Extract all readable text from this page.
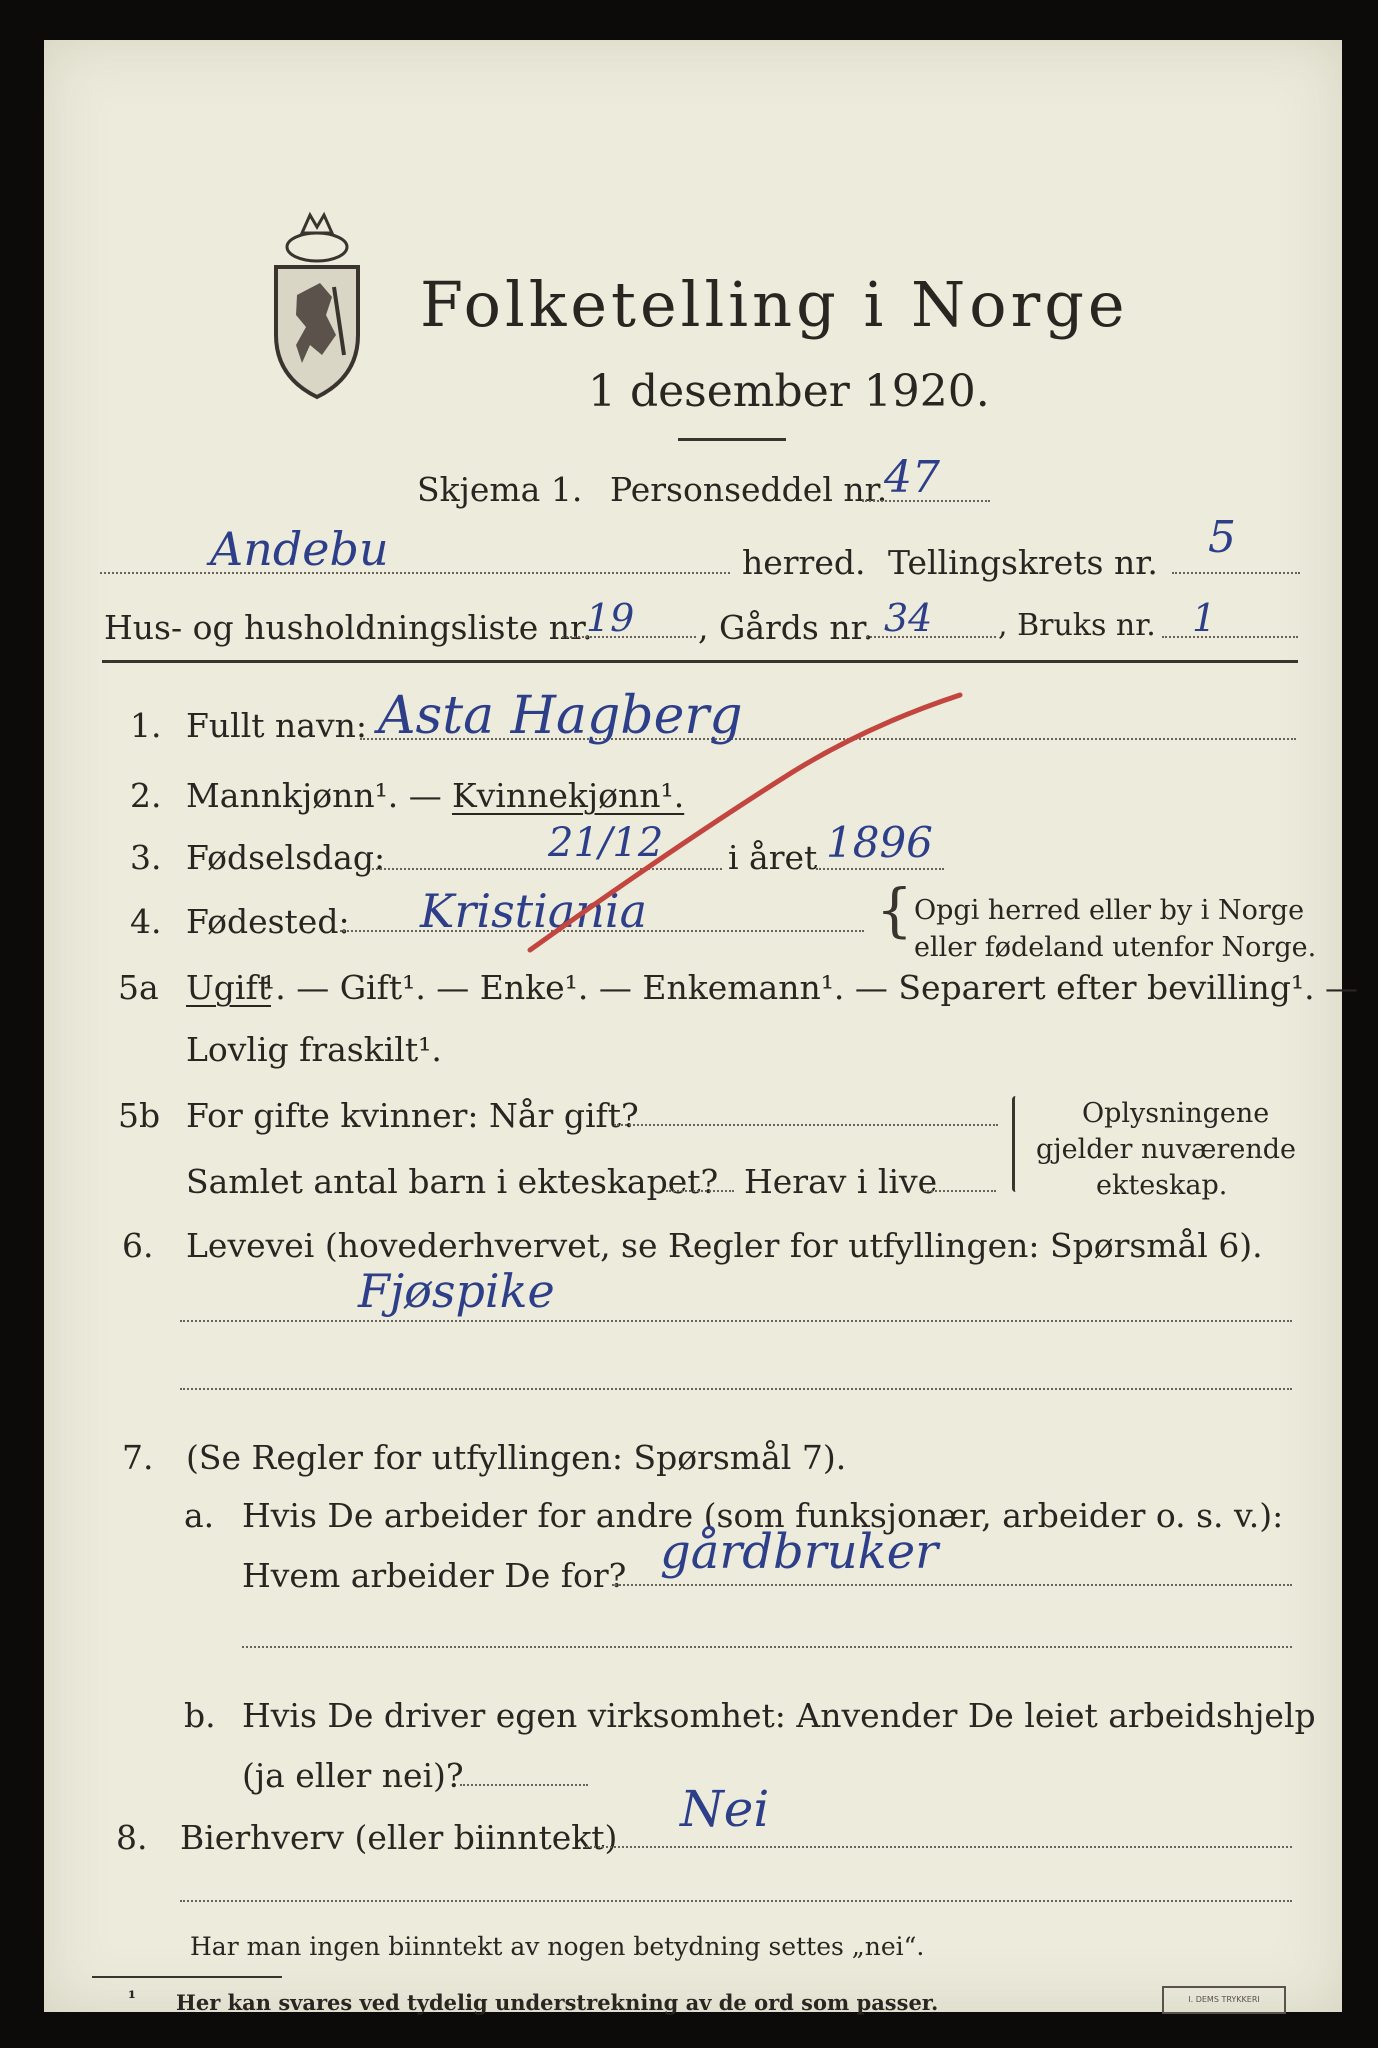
Folketelling i Norge
1 desember 1920.
Skjema 1. Personseddel nr.
47
Andebu	herred. Tellingskrets nr. 5
Hus- og husholdningsliste nr.
19 , Gårds nr. 34 , Bruks nr. 1
1. Fullt navn: Asta Hagberg
2. Mannkjønn¹. — Kvinnekjønn¹.
3. Fødselsdag:	21/12 i året 1896
4. Fødested: Kristiania	{ Opgi herred eller by i Norge
eller fødeland utenfor Norge.
5a Ugift
¹. — Gift¹. — Enke¹. — Enkemann¹. — Separert efter bevilling¹. —
Lovlig fraskilt¹.
5b For gifte kvinner: Når gift?
Samlet antal barn i ekteskapet? Herav i live
Oplysningene
gjelder nuværende
ekteskap.
6. Levevei (hovederhvervet, se Regler for utfyllingen: Spørsmål 6).
Fjøspike
7. (Se Regler for utfyllingen: Spørsmål 7).
a. Hvis De arbeider for andre (som funksjonær, arbeider o. s. v.):
Hvem arbeider De for? gårdbruker
b. Hvis De driver egen virksomhet: Anvender De leiet arbeidshjelp
(ja eller nei)?
8. Bierhverv (eller biinntekt) Nei
Har man ingen biinntekt av nogen betydning settes „nei“.
¹ Her kan svares ved tydelig understrekning av de ord som passer.	I. DEMS TRYKKERI
